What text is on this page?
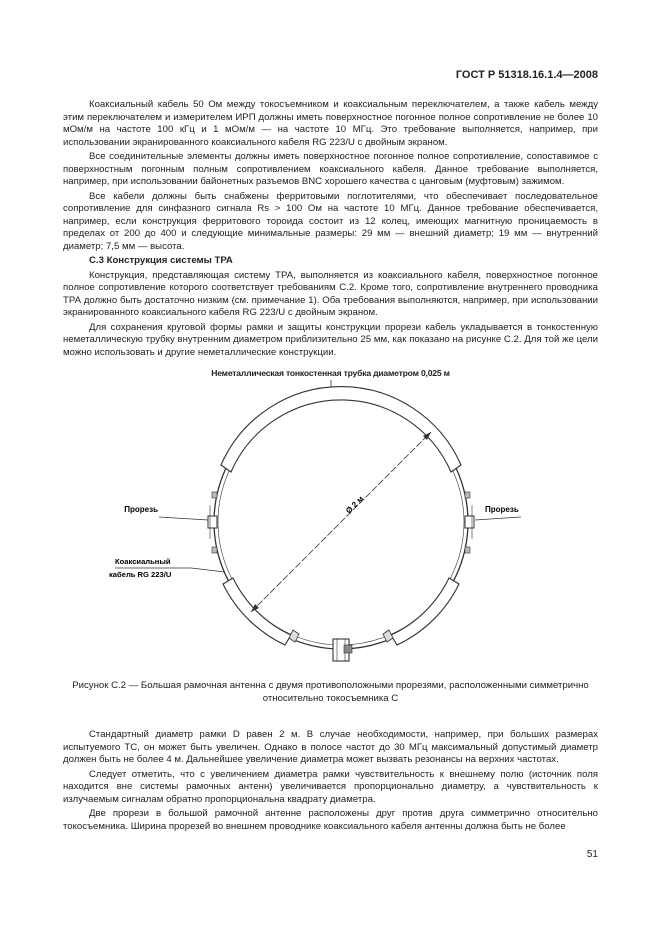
ГОСТ Р 51318.16.1.4—2008

Коаксиальный кабель 50 Ом между токосъемником и коаксиальным переключателем, а также кабель между этим переключателем и измерителем ИРП должны иметь поверхностное погонное полное сопротивление не более 10 мОм/м на частоте 100 кГц и 1 мОм/м — на частоте 10 МГц. Это требование выполняется, например, при использовании экранированного коаксиального кабеля RG 223/U с двойным экраном.

Все соединительные элементы должны иметь поверхностное погонное полное сопротивление, сопоставимое с поверхностным погонным полным сопротивлением коаксиального кабеля. Данное требование выполняется, например, при использовании байонетных разъемов BNC хорошего качества с цанговым (муфтовым) зажимом.

Все кабели должны быть снабжены ферритовыми поглотителями, что обеспечивает последовательное сопротивление для синфазного сигнала Rs > 100 Ом на частоте 10 МГц. Данное требование обеспечивается, например, если конструкция ферритового тороида состоит из 12 колец, имеющих магнитную проницаемость в пределах от 200 до 400 и следующие минимальные размеры: 29 мм — внешний диаметр; 19 мм — внутренний диаметр; 7,5 мм — высота.

С.3 Конструкция системы ТРА

Конструкция, представляющая систему ТРА, выполняется из коаксиального кабеля, поверхностное погонное полное сопротивление которого соответствует требованиям С.2. Кроме того, сопротивление внутреннего проводника ТРА должно быть достаточно низким (см. примечание 1). Оба требования выполняются, например, при использовании экранированного коаксиального кабеля RG 223/U с двойным экраном.

Для сохранения круговой формы рамки и защиты конструкции прорези кабель укладывается в тонкостенную неметаллическую трубку внутренним диаметром приблизительно 25 мм, как показано на рисунке С.2. Для той же цели можно использовать и другие неметаллические конструкции.

Неметаллическая тонкостенная трубка диаметром 0,025 м
Ø 2 м
Прорезь	Прорезь
Коаксиальный
кабель RG 223/U
Рисунок С.2 — Большая рамочная антенна с двумя противоположными прорезями, расположенными симметрично относительно токосъемника С

Стандартный диаметр рамки D равен 2 м. В случае необходимости, например, при больших размерах испытуемого ТС, он может быть увеличен. Однако в полосе частот до 30 МГц максимальный допустимый диаметр должен быть не более 4 м. Дальнейшее увеличение диаметра может вызвать резонансы на верхних частотах.

Следует отметить, что с увеличением диаметра рамки чувствительность к внешнему полю (источник поля находится вне системы рамочных антенн) увеличивается пропорционально диаметру, а чувствительность к излучаемым сигналам обратно пропорциональна квадрату диаметра.

Две прорези в большой рамочной антенне расположены друг против друга симметрично относительно токосъемника. Ширина прорезей во внешнем проводнике коаксиального кабеля антенны должна быть не более

51
